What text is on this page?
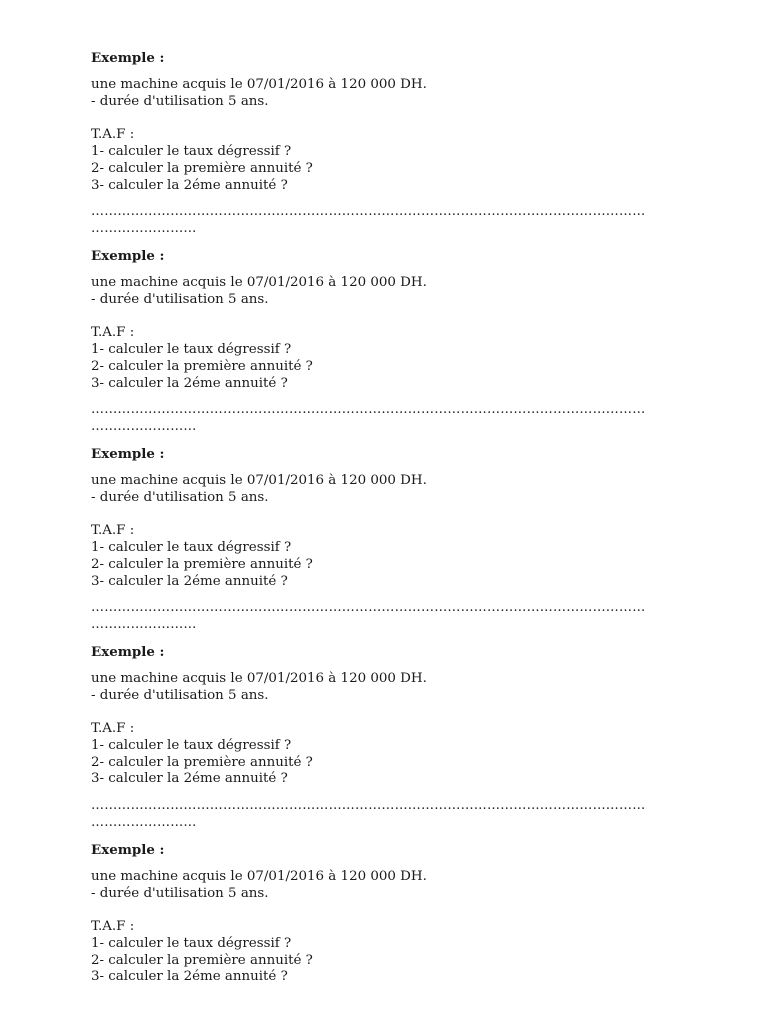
Exemple :
une machine acquis le 07/01/2016 à 120 000 DH.
- durée d'utilisation 5 ans.
T.A.F :
1- calculer le taux dégressif ?
2- calculer la première annuité ?
3- calculer la 2éme annuité ?
………………………………………………………………………………………………………………
……………………
Exemple :
une machine acquis le 07/01/2016 à 120 000 DH.
- durée d'utilisation 5 ans.
T.A.F :
1- calculer le taux dégressif ?
2- calculer la première annuité ?
3- calculer la 2éme annuité ?
………………………………………………………………………………………………………………
……………………
Exemple :
une machine acquis le 07/01/2016 à 120 000 DH.
- durée d'utilisation 5 ans.
T.A.F :
1- calculer le taux dégressif ?
2- calculer la première annuité ?
3- calculer la 2éme annuité ?
………………………………………………………………………………………………………………
……………………
Exemple :
une machine acquis le 07/01/2016 à 120 000 DH.
- durée d'utilisation 5 ans.
T.A.F :
1- calculer le taux dégressif ?
2- calculer la première annuité ?
3- calculer la 2éme annuité ?
………………………………………………………………………………………………………………
……………………
Exemple :
une machine acquis le 07/01/2016 à 120 000 DH.
- durée d'utilisation 5 ans.
T.A.F :
1- calculer le taux dégressif ?
2- calculer la première annuité ?
3- calculer la 2éme annuité ?
